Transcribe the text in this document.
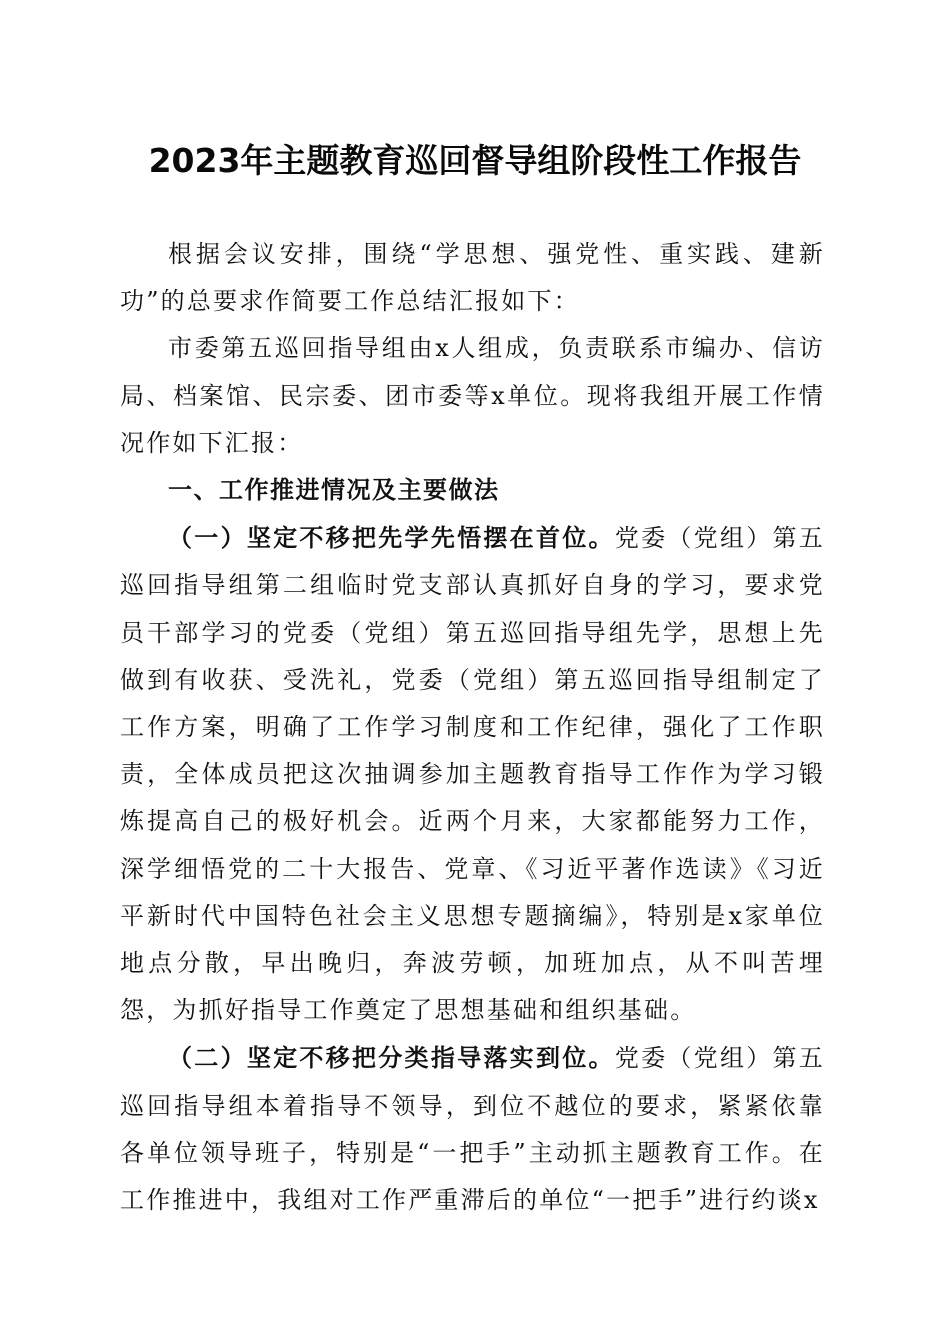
2023年主题教育巡回督导组阶段性工作报告

根据会议安排，围绕“学思想、强党性、重实践、建新功”的总要求作简要工作总结汇报如下：

市委第五巡回指导组由x人组成，负责联系市编办、信访局、档案馆、民宗委、团市委等x单位。现将我组开展工作情况作如下汇报：

一、工作推进情况及主要做法

（一）坚定不移把先学先悟摆在首位。党委（党组）第五巡回指导组第二组临时党支部认真抓好自身的学习，要求党员干部学习的党委（党组）第五巡回指导组先学，思想上先做到有收获、受洗礼，党委（党组）第五巡回指导组制定了工作方案，明确了工作学习制度和工作纪律，强化了工作职责，全体成员把这次抽调参加主题教育指导工作作为学习锻炼提高自己的极好机会。近两个月来，大家都能努力工作，深学细悟党的二十大报告、党章、《习近平著作选读》《习近平新时代中国特色社会主义思想专题摘编》，特别是x家单位地点分散，早出晚归，奔波劳顿，加班加点，从不叫苦埋怨，为抓好指导工作奠定了思想基础和组织基础。

（二）坚定不移把分类指导落实到位。党委（党组）第五巡回指导组本着指导不领导，到位不越位的要求，紧紧依靠各单位领导班子，特别是“一把手”主动抓主题教育工作。在工作推进中，我组对工作严重滞后的单位“一把手”进行约谈x
